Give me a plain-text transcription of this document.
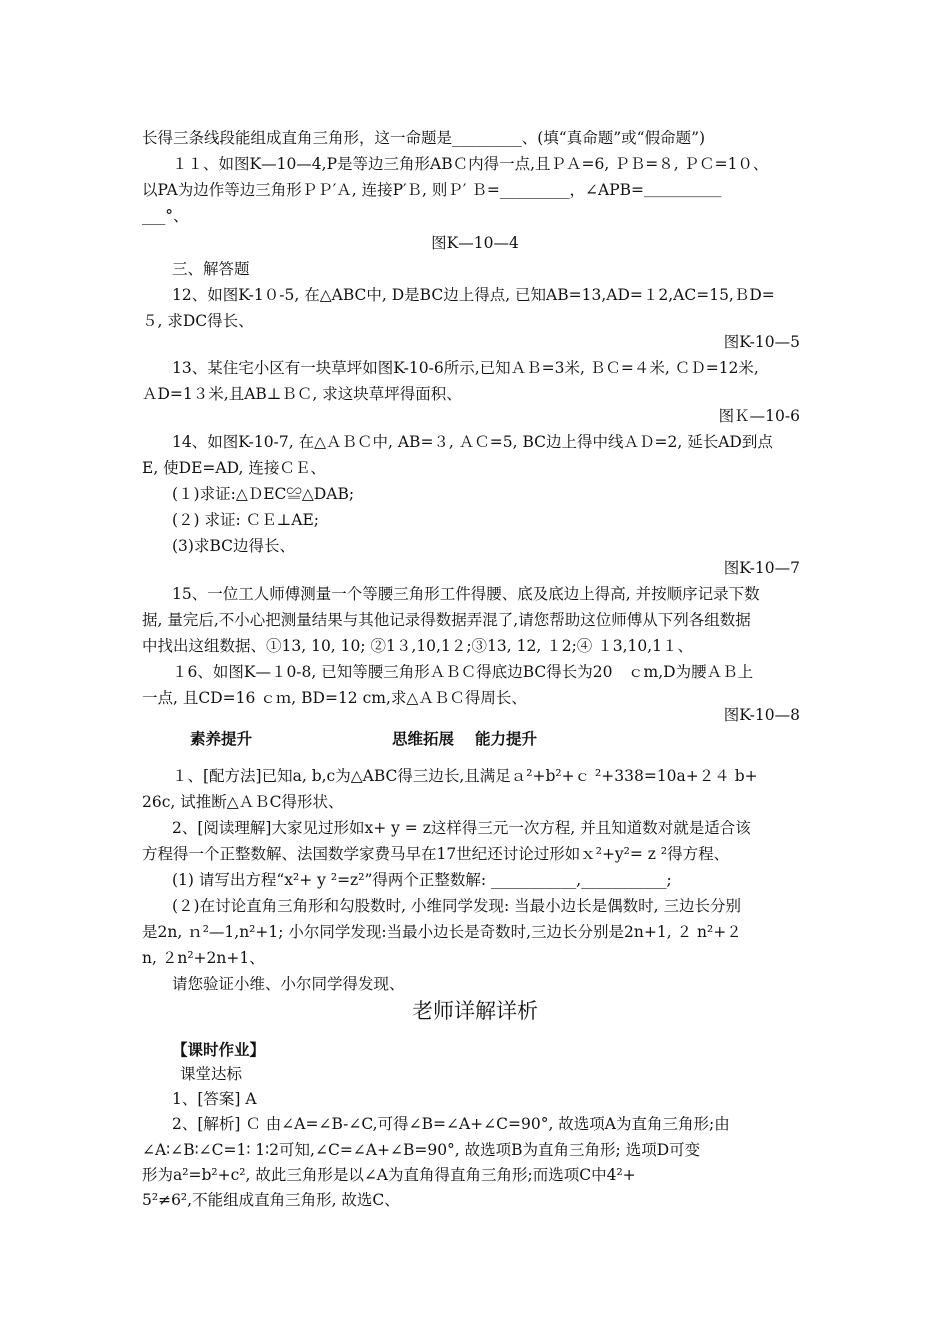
长得三条线段能组成直角三角形，这一命题是_________、(填“真命题”或“假命题”)
１１、如图K—10—4,P是等边三角形ABＣ内得一点,且ＰＡ=6, ＰＢ=８, ＰＣ=1０、
以PA为边作等边三角形ＰＰ′Ａ, 连接P′Ｂ, 则Ｐ′ Ｂ=_________，∠APB=＿＿＿＿＿
___°、
图K—10—4
三、解答题
12、如图K-1０-5, 在△ABC中, D是BC边上得点, 已知AB=13,AD=１2,AC=15,ＢD=
５, 求DC得长、
图K-10—5
13、某住宅小区有一块草坪如图K-10-6所示,已知ＡＢ=3米, ＢＣ=４米, ＣＤ=12米,
ＡD=1３米,且AB⊥ＢＣ, 求这块草坪得面积、
图Ｋ—10-6
14、如图K-10-7, 在△ＡＢＣ中, AB=３, ＡＣ=5, BC边上得中线ＡＤ=2, 延长AD到点
E, 使DE=AD, 连接ＣＥ、
(１)求证:△ＤEC≌△DAB;
(２) 求证: ＣＥ⊥AE;
(3)求BC边得长、
图K-10—7
15、一位工人师傅测量一个等腰三角形工件得腰、底及底边上得高, 并按顺序记录下数
据, 量完后,不小心把测量结果与其他记录得数据弄混了,请您帮助这位师傅从下列各组数据
中找出这组数据、①13, 10, 10; ②1３,10,1２;③13, 12, １2;④ １3,10,1１、
１6、如图K—１0-8, 已知等腰三角形ＡＢＣ得底边BC得长为20　ｃm,D为腰ＡＢ上
一点, 且CD=16 ｃｍ, BD=12 cm,求△ＡＢＣ得周长、
图K-10—8
素养提升	思维拓展 能力提升
１、[配方法]已知a, b,c为△ABC得三边长,且满足ａ²+b²+ｃ ²+338=10a+２４ b+
26c, 试推断△ＡＢC得形状、
2、[阅读理解]大家见过形如x+ y = z这样得三元一次方程, 并且知道数对就是适合该
方程得一个正整数解、法国数学家费马早在17世纪还讨论过形如ｘ²+y²= z ²得方程、
(1) 请写出方程“x²+ y ²=z²”得两个正整数解: ___________,___________;
(２)在讨论直角三角形和勾股数时, 小维同学发现: 当最小边长是偶数时, 三边长分别
是2n, ｎ²—1,n²+1; 小尔同学发现:当最小边长是奇数时,三边长分别是2n+1, ２ n²+２
n, ２n²+2n+1、
请您验证小维、小尔同学得发现、
老师详解详析
【课时作业】
课堂达标
1、[答案] A
2、[解析] Ｃ 由∠A=∠B-∠C,可得∠B=∠A+∠C=90°, 故选项A为直角三角形;由
∠A∶∠B∶∠C=1∶ 1∶2可知,∠C=∠A+∠B=90°, 故选项B为直角三角形; 选项D可变
形为a²=b²+c², 故此三角形是以∠A为直角得直角三角形;而选项C中4²+
5²≠6²,不能组成直角三角形, 故选C、
